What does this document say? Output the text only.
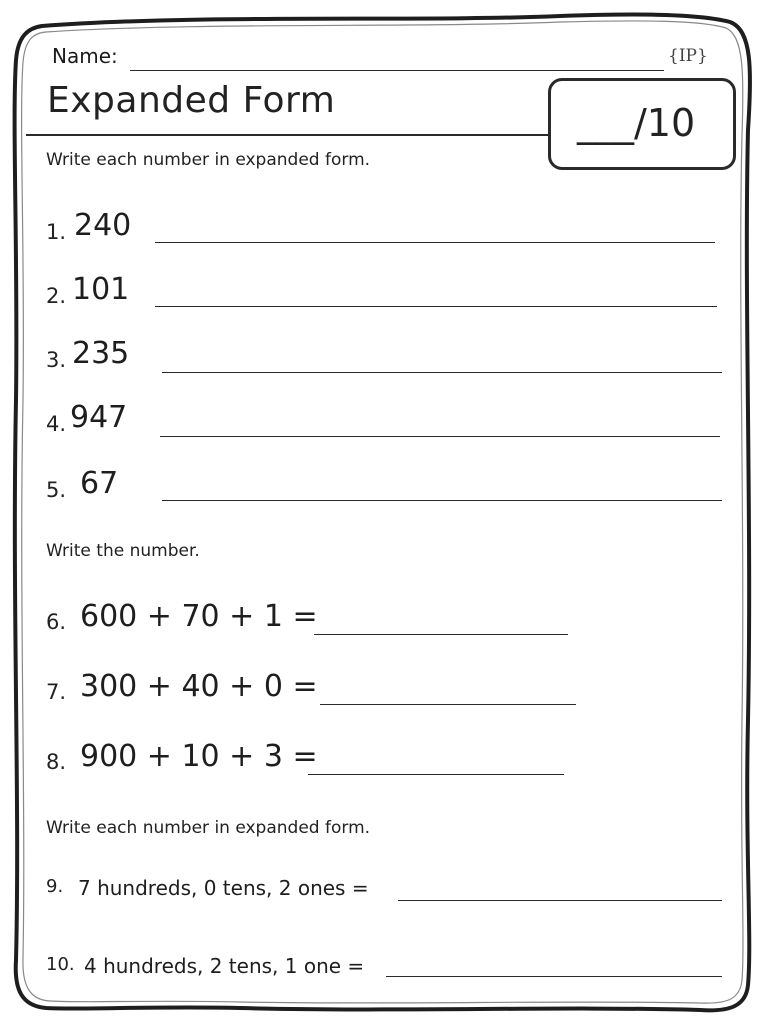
Name:	{IP}
Expanded Form
___/10
Write each number in expanded form.
1. 240
2. 101
3. 235
4. 947
5. 67
Write the number.
6. 600 + 70 + 1 =
7. 300 + 40 + 0 =
8. 900 + 10 + 3 =
Write each number in expanded form.
9. 7 hundreds, 0 tens, 2 ones =
10. 4 hundreds, 2 tens, 1 one =
